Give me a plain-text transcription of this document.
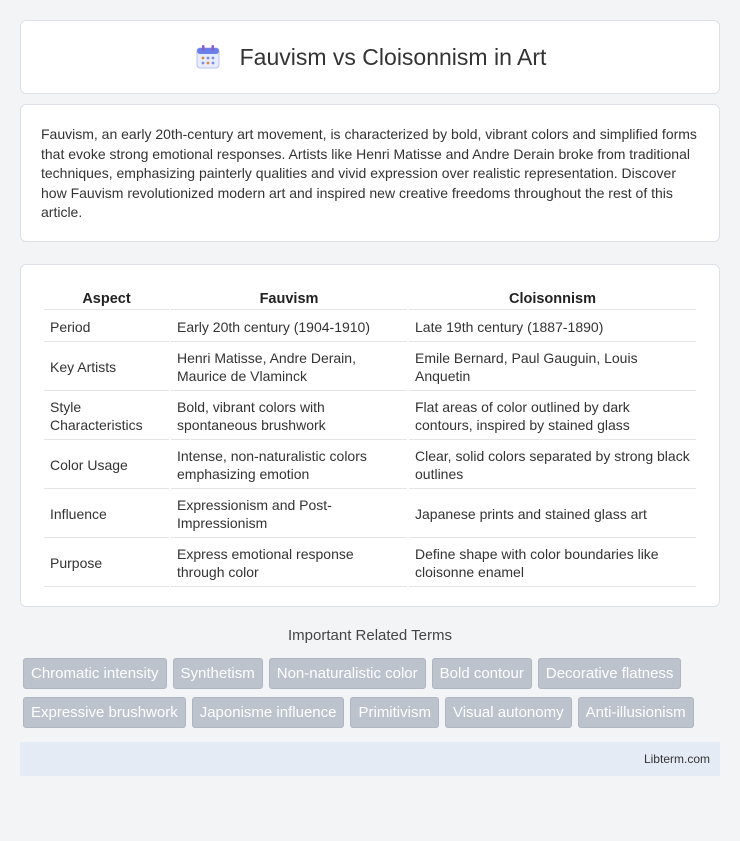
Fauvism vs Cloisonnism in Art

Fauvism, an early 20th-century art movement, is characterized by bold, vibrant colors and simplified forms that evoke strong emotional responses. Artists like Henri Matisse and Andre Derain broke from traditional techniques, emphasizing painterly qualities and vivid expression over realistic representation. Discover how Fauvism revolutionized modern art and inspired new creative freedoms throughout the rest of this article.

Aspect	Fauvism	Cloisonnism
Period	Early 20th century (1904-1910)	Late 19th century (1887-1890)
Key Artists	Henri Matisse, Andre Derain, Maurice de Vlaminck	Emile Bernard, Paul Gauguin, Louis Anquetin
Style Characteristics	Bold, vibrant colors with spontaneous brushwork	Flat areas of color outlined by dark contours, inspired by stained glass
Color Usage	Intense, non-naturalistic colors emphasizing emotion	Clear, solid colors separated by strong black outlines
Influence	Expressionism and Post-Impressionism	Japanese prints and stained glass art
Purpose	Express emotional response through color	Define shape with color boundaries like cloisonne enamel
Important Related Terms
Chromatic intensity	Synthetism	Non-naturalistic color	Bold contour	Decorative flatness
Expressive brushwork	Japonisme influence	Primitivism	Visual autonomy	Anti-illusionism
Libterm.com
